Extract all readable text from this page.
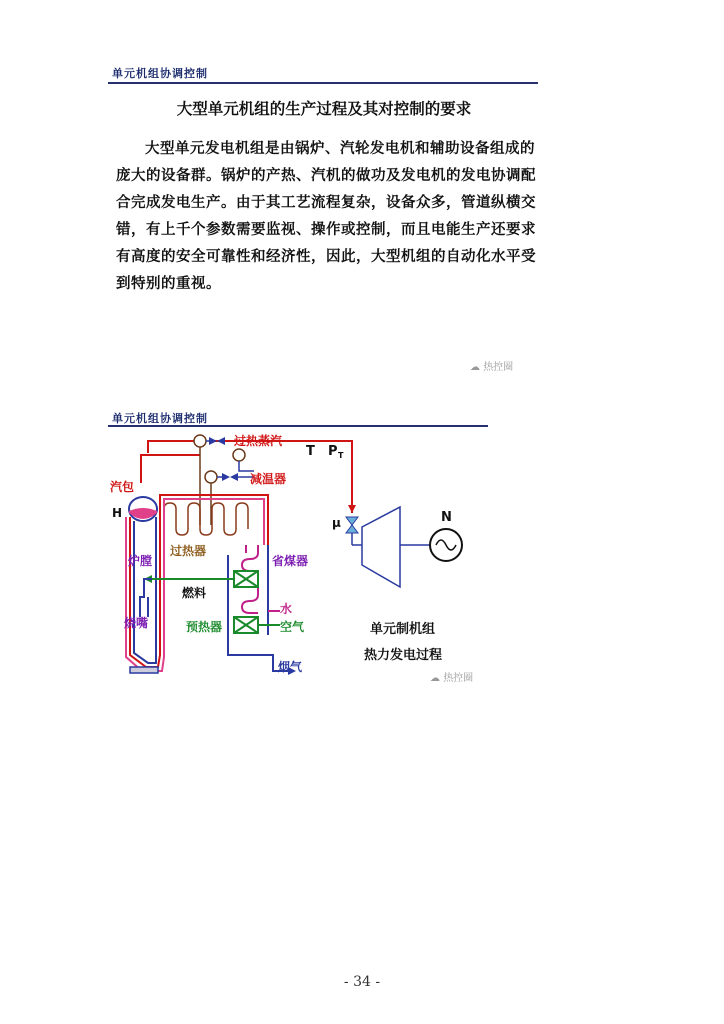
单元机组协调控制
大型单元机组的生产过程及其对控制的要求

大型单元发电机组是由锅炉、汽轮发电机和辅助设备组成的庞大的设备群。锅炉的产热、汽机的做功及发电机的发电协调配合完成发电生产。由于其工艺流程复杂，设备众多，管道纵横交错，有上千个参数需要监视、操作或控制，而且电能生产还要求有高度的安全可靠性和经济性，因此，大型机组的自动化水平受到特别的重视。

☁ 热控圈
单元机组协调控制
过热蒸汽
T P T
减温器
汽包
H
μ	N
炉膛
过热器
省煤器
燃料
水
烧嘴	预热器	空气
烟气
单元制机组
热力发电过程
☁ 热控圈
- 34 -
